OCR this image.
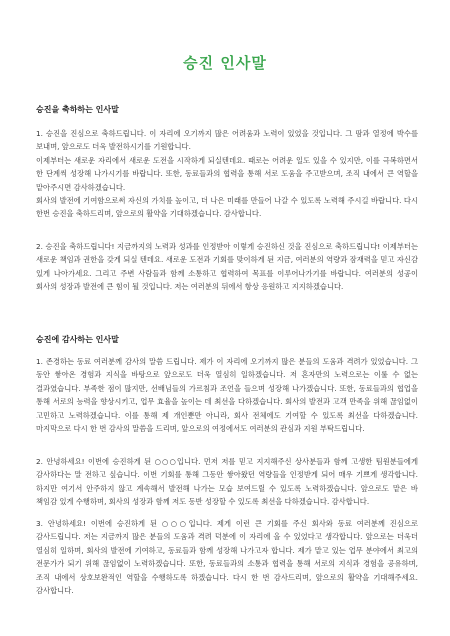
승진 인사말
승진을 축하하는 인사말
1. 승진을 진심으로 축하드립니다. 이 자리에 오기까지 많은 어려움과 노력이 있었을 것입니다. 그 땀과 열정에 박수를 보내며, 앞으로도 더욱 발전하시기를 기원합니다.
이제부터는 새로운 자리에서 새로운 도전을 시작하게 되실텐데요. 때로는 어려운 일도 있을 수 있지만, 이를 극복하면서 한 단계씩 성장해 나가시기를 바랍니다. 또한, 동료들과의 협력을 통해 서로 도움을 주고받으며, 조직 내에서 큰 역할을 맡아주시면 감사하겠습니다.
회사의 발전에 기여함으로써 자신의 가치를 높이고, 더 나은 미래를 만들어 나갈 수 있도록 노력해 주시길 바랍니다. 다시 한번 승진을 축하드리며, 앞으로의 활약을 기대하겠습니다. 감사합니다.
2. 승진을 축하드립니다! 지금까지의 노력과 성과를 인정받아 이렇게 승진하신 것을 진심으로 축하드립니다! 이제부터는 새로운 책임과 권한을 갖게 되실 텐데요. 새로운 도전과 기회를 맞이하게 된 지금, 여러분의 역량과 잠재력을 믿고 자신감 있게 나아가세요. 그리고 주변 사람들과 함께 소통하고 협력하여 목표를 이루어나가기를 바랍니다. 여러분의 성공이 회사의 성장과 발전에 큰 힘이 될 것입니다. 저는 여러분의 뒤에서 항상 응원하고 지지하겠습니다.
승진에 감사하는 인사말
1. 존경하는 동료 여러분께 감사의 말씀 드립니다. 제가 이 자리에 오기까지 많은 분들의 도움과 격려가 있었습니다. 그 동안 쌓아온 경험과 지식을 바탕으로 앞으로도 더욱 열심히 일하겠습니다. 저 혼자만의 노력으로는 이룰 수 없는 결과였습니다. 부족한 점이 많지만, 선배님들의 가르침과 조언을 들으며 성장해 나가겠습니다. 또한, 동료들과의 협업을 통해 서로의 능력을 향상시키고, 업무 효율을 높이는 데 최선을 다하겠습니다. 회사의 발전과 고객 만족을 위해 끊임없이 고민하고 노력하겠습니다. 이를 통해 제 개인뿐만 아니라, 회사 전체에도 기여할 수 있도록 최선을 다하겠습니다. 마지막으로 다시 한 번 감사의 말씀을 드리며, 앞으로의 여정에서도 여러분의 관심과 지원 부탁드립니다.
2. 안녕하세요! 이번에 승진하게 된 ○○○입니다. 먼저 저를 믿고 지지해주신 상사분들과 함께 고생한 팀원분들에게 감사하다는 말 전하고 싶습니다. 이번 기회를 통해 그동안 쌓아왔던 역량들을 인정받게 되어 매우 기쁘게 생각합니다. 하지만 여기서 안주하지 않고 계속해서 발전해 나가는 모습 보여드릴 수 있도록 노력하겠습니다. 앞으로도 맡은 바 책임감 있게 수행하며, 회사의 성장과 함께 저도 동반 성장할 수 있도록 최선을 다하겠습니다. 감사합니다.
3. 안녕하세요! 이번에 승진하게 된 ○○○입니다. 제게 이런 큰 기회를 주신 회사와 동료 여러분께 진심으로 감사드립니다. 저는 지금까지 많은 분들의 도움과 격려 덕분에 이 자리에 올 수 있었다고 생각합니다. 앞으로는 더욱더 열심히 일하며, 회사의 발전에 기여하고, 동료들과 함께 성장해 나가고자 합니다. 제가 맡고 있는 업무 분야에서 최고의 전문가가 되기 위해 끊임없이 노력하겠습니다. 또한, 동료들과의 소통과 협력을 통해 서로의 지식과 경험을 공유하며, 조직 내에서 상호보완적인 역할을 수행하도록 하겠습니다. 다시 한 번 감사드리며, 앞으로의 활약을 기대해주세요. 감사합니다.
